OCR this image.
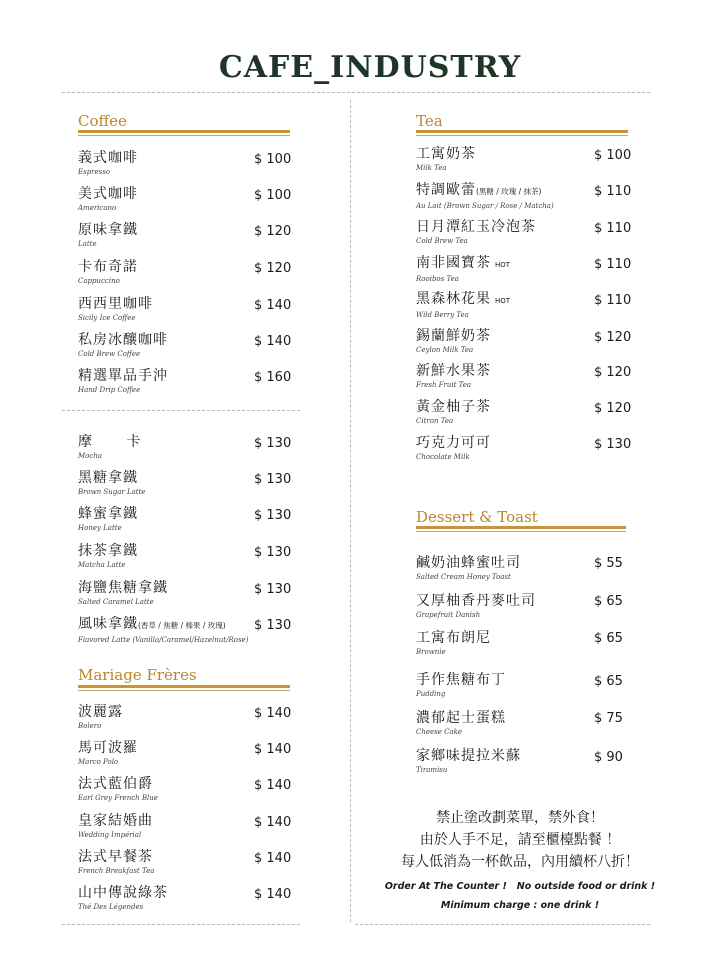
CAFE_INDUSTRY
Coffee
義式咖啡
Espresso
$ 100
美式咖啡
Americano
$ 100
原味拿鐵
Latte
$ 120
卡布奇諾
Cappuccino
$ 120
西西里咖啡
Sicily Ice Coffee
$ 140
私房冰釀咖啡
Cold Brew Coffee
$ 140
精選單品手沖
Hand Drip Coffee
$ 160
摩 卡
Mocha
$ 130
黑糖拿鐵
Brown Sugar Latte
$ 130
蜂蜜拿鐵
Honey Latte
$ 130
抹茶拿鐵
Matcha Latte
$ 130
海鹽焦糖拿鐵
Salted Caramel Latte
$ 130
風味拿鐵(香草 / 焦糖 / 榛果 / 玫瑰)
Flavored Latte (Vanilla/Caramel/Hazelnut/Rose)
$ 130
Mariage Frères
波麗露
Bolero
$ 140
馬可波羅
Marco Polo
$ 140
法式藍伯爵
Earl Grey French Blue
$ 140
皇家結婚曲
Wedding Impérial
$ 140
法式早餐茶
French Breakfast Tea
$ 140
山中傳說綠茶
Thé Des Légendes
$ 140
Tea
工寓奶茶
Milk Tea
$ 100
特調歐蕾(黑糖 / 玫瑰 / 抹茶)
Au Lait (Brown Sugar / Rose / Matcha)
$ 110
日月潭紅玉冷泡茶
Cold Brew Tea
$ 110
南非國寶茶 HOT
Rooibos Tea
$ 110
黑森林花果 HOT
Wild Berry Tea
$ 110
錫蘭鮮奶茶
Ceylon Milk Tea
$ 120
新鮮水果茶
Fresh Fruit Tea
$ 120
黃金柚子茶
Citron Tea
$ 120
巧克力可可
Chocolate Milk
$ 130
Dessert & Toast
鹹奶油蜂蜜吐司
Salted Cream Honey Toast
$ 55
又厚柚香丹麥吐司
Grapefruit Danish
$ 65
工寓布朗尼
Brownie
$ 65
手作焦糖布丁
Pudding
$ 65
濃郁起士蛋糕
Cheese Cake
$ 75
家鄉味提拉米蘇
Tiramisu
$ 90
禁止塗改劃菜單，禁外食！
由於人手不足，請至櫃檯點餐 ！
每人低消為一杯飲品，內用續杯八折！
Order At The Counter !   No outside food or drink !
Minimum charge : one drink !
